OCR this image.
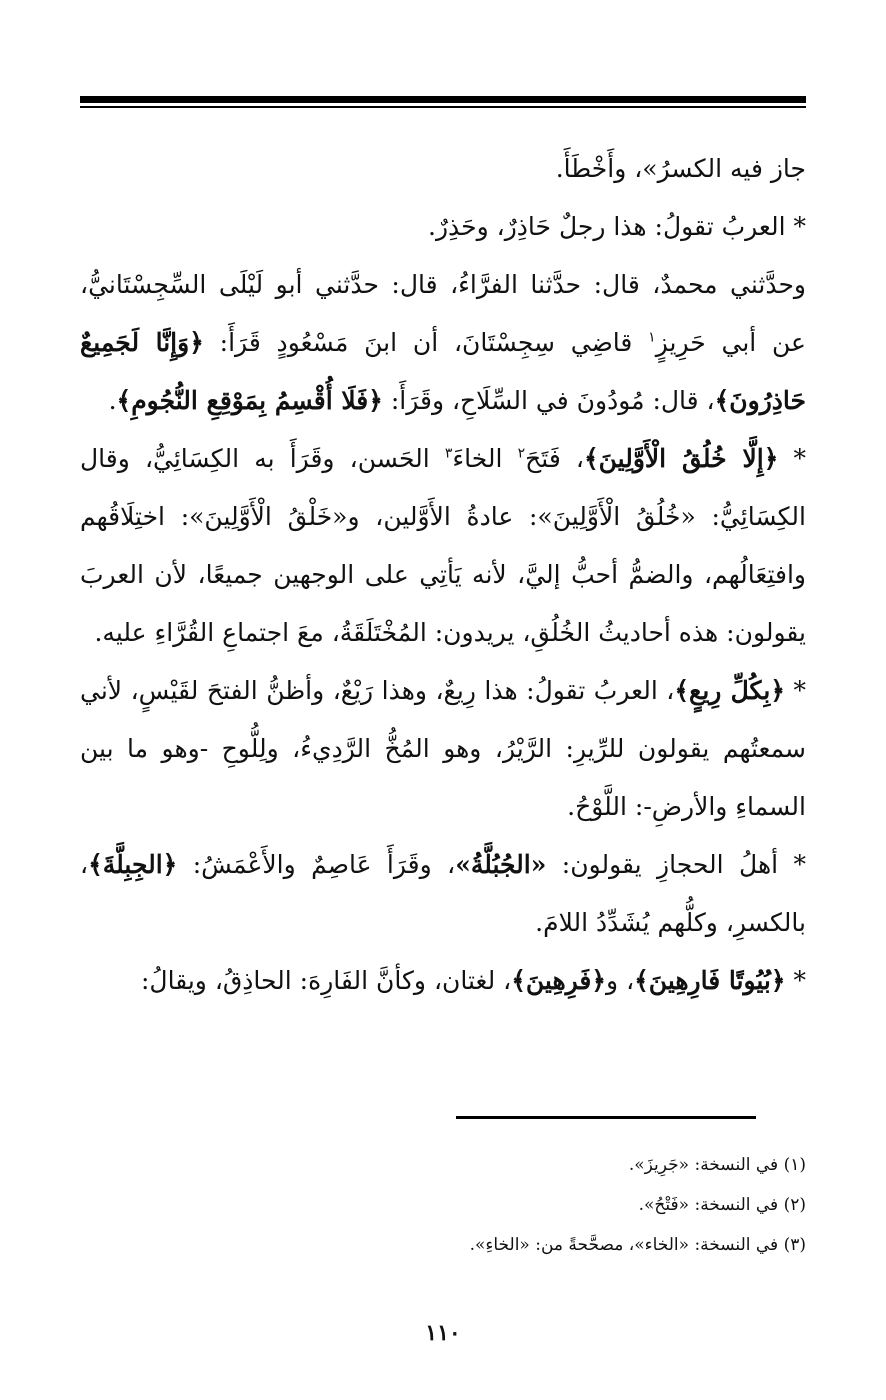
جاز فيه الكسرُ»، وأَخْطَأَ.

* العربُ تقولُ: هذا رجلٌ حَاذِرٌ، وحَذِرٌ.

وحدَّثني محمدٌ، قال: حدَّثنا الفرَّاءُ، قال: حدَّثني أبو لَيْلَى السِّجِسْتَانيُّ، عن أبي حَرِيزٍ$^١$ قاضِي سِجِسْتَانَ، أن ابنَ مَسْعُودٍ قَرَأَ: ﴿وَإِنَّا لَجَمِيعٌ حَاذِرُونَ﴾، قال: مُودُونَ في السِّلَاحِ، وقَرَأَ: ﴿فَلَا أُقْسِمُ بِمَوْقِعِ النُّجُومِ﴾.

* ﴿إِلَّا خُلُقُ الْأَوَّلِينَ﴾، فَتَحَ$^٢$ الخاءَ$^٣$ الحَسن، وقَرَأَ به الكِسَائِيُّ، وقال الكِسَائِيُّ: «خُلُقُ الْأَوَّلِينَ»: عادةُ الأَوَّلين، و«خَلْقُ الْأَوَّلِينَ»: اختِلَاقُهم وافتِعَالُهم، والضمُّ أحبُّ إليَّ، لأنه يَأتِي على الوجهين جميعًا، لأن العربَ يقولون: هذه أحاديثُ الخُلُقِ، يريدون: المُخْتَلَقَةُ، معَ اجتماعِ القُرَّاءِ عليه.

* ﴿بِكُلِّ رِيعٍ﴾، العربُ تقولُ: هذا رِيعٌ، وهذا رَيْعٌ، وأظنُّ الفتحَ لقَيْسٍ، لأني سمعتُهم يقولون للرِّيرِ: الرَّيْرُ، وهو المُخُّ الرَّدِيءُ، ولِلُّوحِ -وهو ما بين السماءِ والأرضِ-: اللَّوْحُ.

* أهلُ الحجازِ يقولون: «الجُبُلَّةُ»، وقَرَأَ عَاصِمٌ والأَعْمَشُ: ﴿الجِبِلَّةَ﴾، بالكسرِ، وكلُّهم يُشَدِّدُ اللامَ.

* ﴿بُيُوتًا فَارِهِينَ﴾، و﴿فَرِهِينَ﴾، لغتان، وكأنَّ الفَارِهَ: الحاذِقُ، ويقالُ:

(١) في النسخة: «جَرِيزَ».

(٢) في النسخة: «فَتْحُ».

(٣) في النسخة: «الخاء»، مصحَّحةً من: «الخاءِ».

١١٠
